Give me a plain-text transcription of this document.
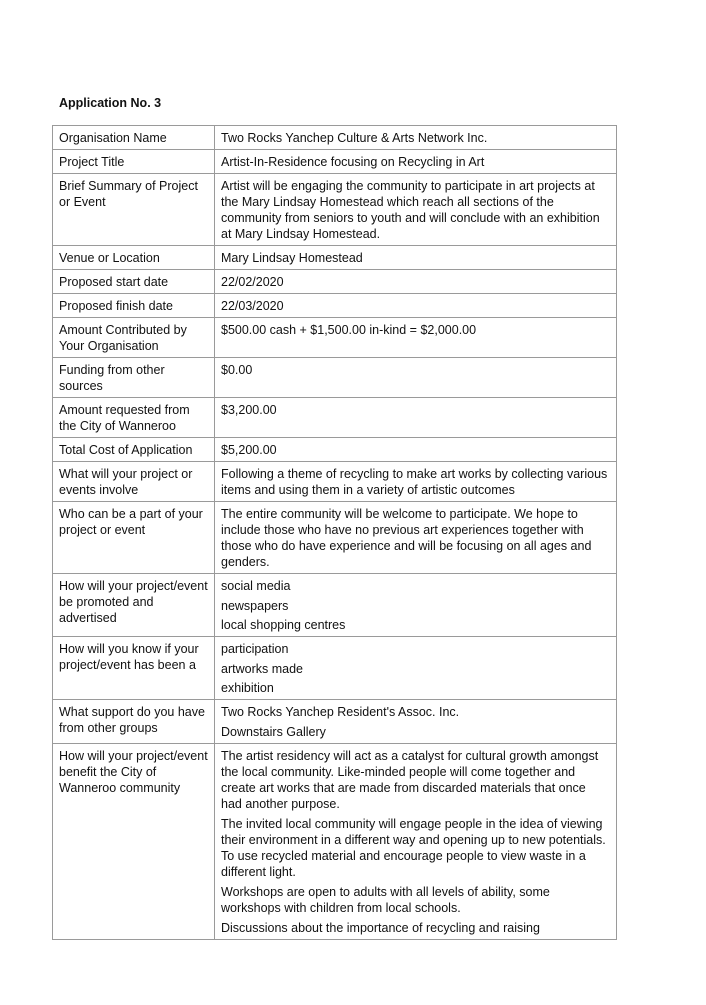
Application No. 3

Organisation Name	Two Rocks Yanchep Culture & Arts Network Inc.
Project Title	Artist-In-Residence focusing on Recycling in Art
Brief Summary of Project or Event	Artist will be engaging the community to participate in art projects at the Mary Lindsay Homestead which reach all sections of the community from seniors to youth and will conclude with an exhibition at Mary Lindsay Homestead.
Venue or Location	Mary Lindsay Homestead
Proposed start date	22/02/2020
Proposed finish date	22/03/2020
Amount Contributed by Your Organisation	$500.00 cash + $1,500.00 in-kind = $2,000.00
Funding from other sources	$0.00
Amount requested from the City of Wanneroo	$3,200.00
Total Cost of Application	$5,200.00
What will your project or events involve	Following a theme of recycling to make art works by collecting various items and using them in a variety of artistic outcomes
Who can be a part of your project or event	The entire community will be welcome to participate. We hope to include those who have no previous art experiences together with those who do have experience and will be focusing on all ages and genders.
How will your project/event be promoted and advertised	social media
newspapers
local shopping centres

How will you know if your project/event has been a	participation
artworks made
exhibition

What support do you have from other groups	Two Rocks Yanchep Resident's Assoc. Inc.
Downstairs Gallery

How will your project/event benefit the City of Wanneroo community	The artist residency will act as a catalyst for cultural growth amongst the local community. Like-minded people will come together and create art works that are made from discarded materials that once had another purpose.
The invited local community will engage people in the idea of viewing their environment in a different way and opening up to new potentials. To use recycled material and encourage people to view waste in a different light.
Workshops are open to adults with all levels of ability, some workshops with children from local schools.
Discussions about the importance of recycling and raising
